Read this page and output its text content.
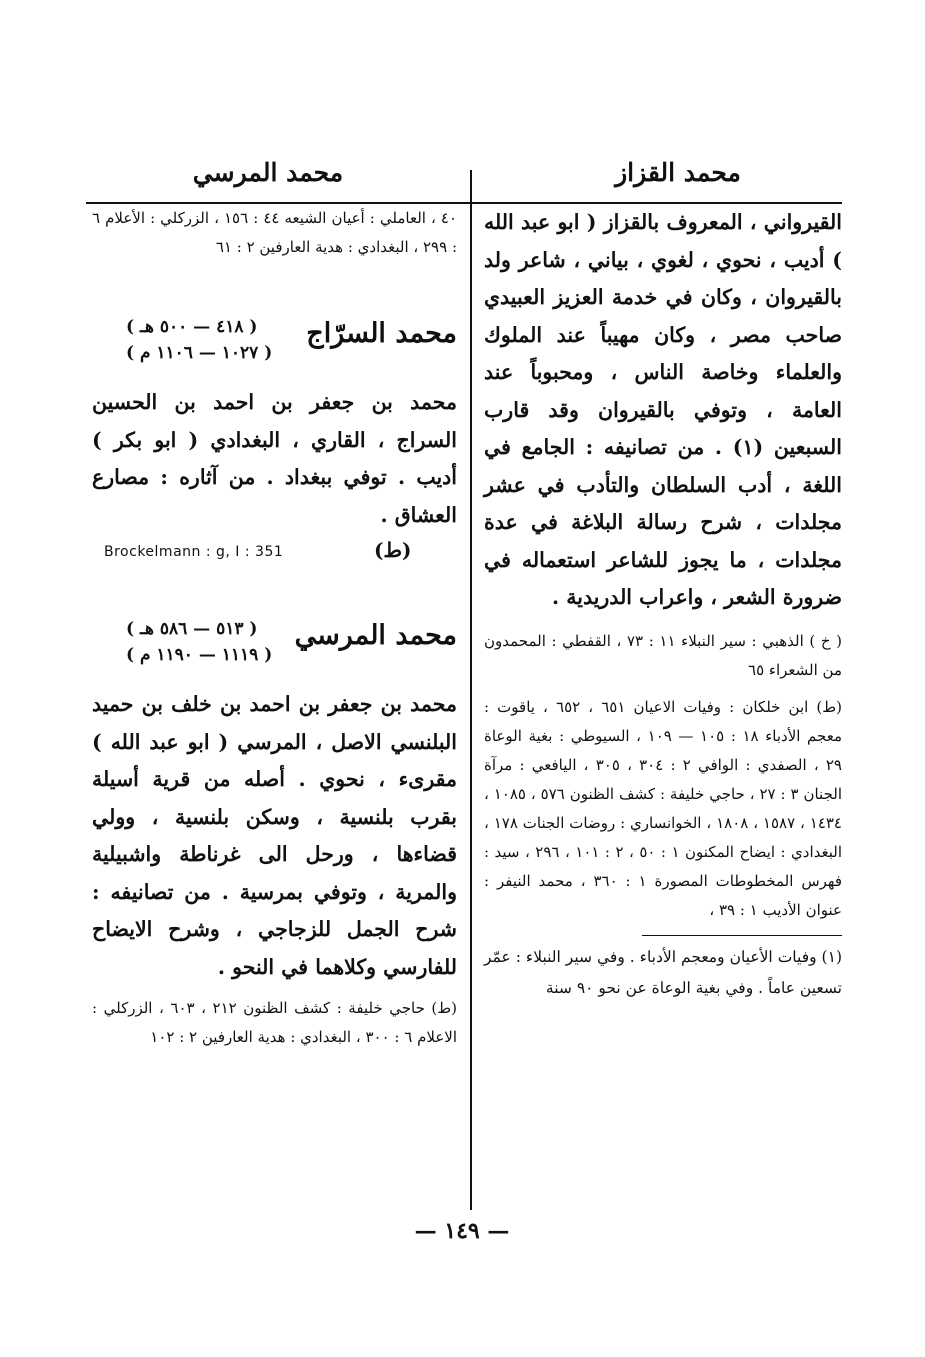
محمد القزاز
محمد المرسي

القيرواني ، المعروف بالقزاز ( ابو عبد الله ) أديب ، نحوي ، لغوي ، بياني ، شاعر ولد بالقيروان ، وكان في خدمة العزيز العبيدي صاحب مصر ، وكان مهيباً عند الملوك والعلماء وخاصة الناس ، ومحبوباً عند العامة ، وتوفي بالقيروان وقد قارب السبعين (١) . من تصانيفه : الجامع في اللغة ، أدب السلطان والتأدب في عشر مجلدات ، شرح رسالة البلاغة في عدة مجلدات ، ما يجوز للشاعر استعماله في ضرورة الشعر ، واعراب الدريدية .

( خ ) الذهبي : سير النبلاء ١١ : ٧٣ ، القفطي : المحمدون من الشعراء ٦٥

(ط) ابن خلكان : وفيات الاعيان ٦٥١ ، ٦٥٢ ، ياقوت : معجم الأدباء ١٨ : ١٠٥ — ١٠٩ ، السيوطي : بغية الوعاة ٢٩ ، الصفدي : الوافي ٢ : ٣٠٤ ، ٣٠٥ ، اليافعي : مرآة الجنان ٣ : ٢٧ ، حاجي خليفة : كشف الظنون ٥٧٦ ، ١٠٨٥ ، ١٤٣٤ ، ١٥٨٧ ، ١٨٠٨ ، الخوانساري : روضات الجنات ١٧٨ ، البغدادي : ايضاح المكنون ١ : ٥٠ ، ٢ : ١٠١ ، ٢٩٦ ، سيد : فهرس المخطوطات المصورة ١ : ٣٦٠ ، محمد النيفر : عنوان الأديب ١ : ٣٩ ،

(١) وفيات الأعيان ومعجم الأدباء . وفي سير النبلاء : عمّر تسعين عاماً . وفي بغية الوعاة عن نحو ٩٠ سنة

٤٠ ، العاملي : أعيان الشيعه ٤٤ : ١٥٦ ، الزركلي : الأعلام ٦ : ٢٩٩ ، البغدادي : هدية العارفين ٢ : ٦١

محمد السرّاج
( ٤١٨ — ٥٠٠ هـ )
( ١٠٢٧ — ١١٠٦ م )

محمد بن جعفر بن احمد بن الحسين السراج ، القاري ، البغدادي ( ابو بكر ) أديب . توفي ببغداد . من آثاره : مصارع العشاق .

Brockelmann : g, I : 351	(ط)
محمد المرسي
( ٥١٣ — ٥٨٦ هـ )
( ١١١٩ — ١١٩٠ م )

محمد بن جعفر بن احمد بن خلف بن حميد البلنسي الاصل ، المرسي ( ابو عبد الله ) مقرىء ، نحوي . أصله من قرية أسيلة بقرب بلنسية ، وسكن بلنسية ، وولي قضاءها ، ورحل الى غرناطة واشبيلية والمرية ، وتوفي بمرسية . من تصانيفه : شرح الجمل للزجاجي ، وشرح الايضاح للفارسي وكلاهما في النحو .

(ط) حاجي خليفة : كشف الظنون ٢١٢ ، ٦٠٣ ، الزركلي : الاعلام ٦ : ٣٠٠ ، البغدادي : هدية العارفين ٢ : ١٠٢

— ١٤٩ —
